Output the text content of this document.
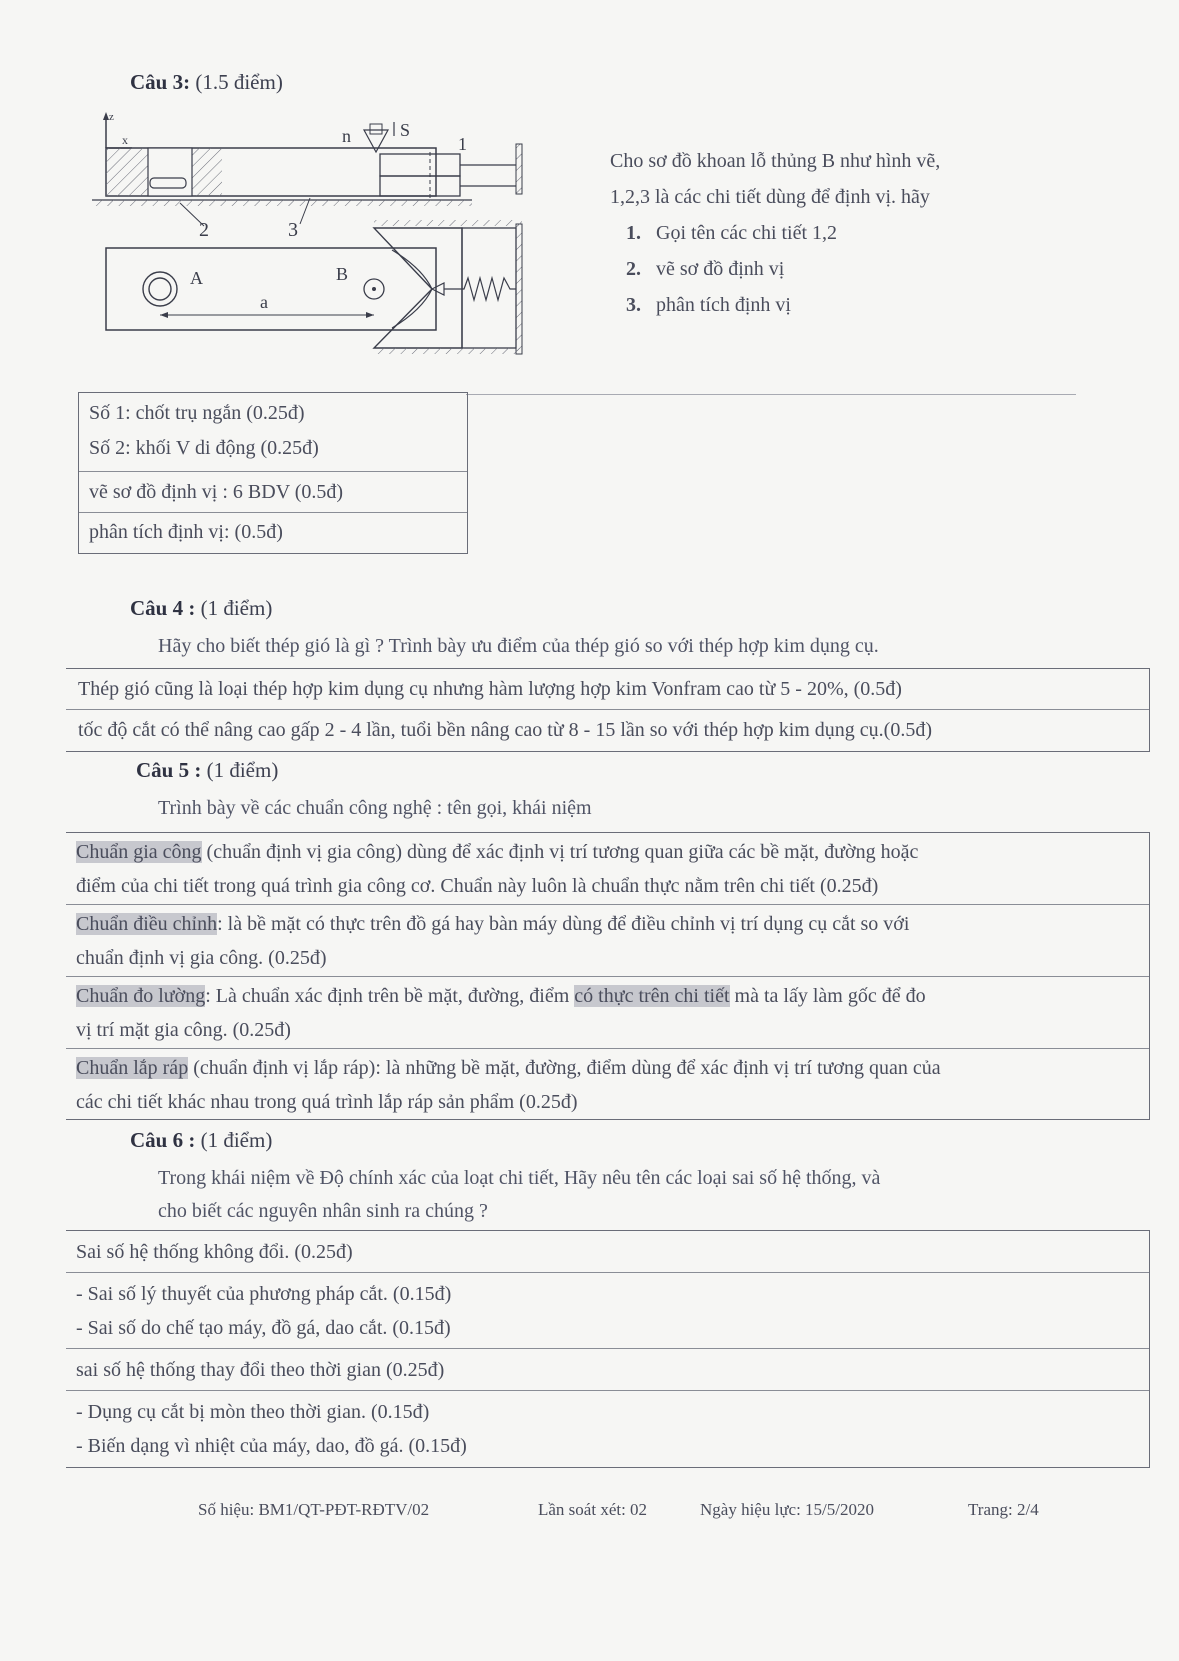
Câu 3: (1.5 điểm)
z
x	n	S
1
2	3
A	B
a
Cho sơ đồ khoan lỗ thủng B như hình vẽ,
1,2,3 là các chi tiết dùng để định vị. hãy
1. Gọi tên các chi tiết 1,2
2. vẽ sơ đồ định vị
3. phân tích định vị
Số 1: chốt trụ ngắn (0.25đ)
Số 2: khối V di động (0.25đ)
vẽ sơ đồ định vị : 6 BDV (0.5đ)
phân tích định vị: (0.5đ)
Câu 4 : (1 điểm)
Hãy cho biết thép gió là gì ? Trình bày ưu điểm của thép gió so với thép hợp kim dụng cụ.
Thép gió cũng là loại thép hợp kim dụng cụ nhưng hàm lượng hợp kim Vonfram cao từ 5 - 20%, (0.5đ)
tốc độ cắt có thể nâng cao gấp 2 - 4 lần, tuổi bền nâng cao từ 8 - 15 lần so với thép hợp kim dụng cụ.(0.5đ)
Câu 5 : (1 điểm)
Trình bày về các chuẩn công nghệ : tên gọi, khái niệm
Chuẩn gia công (chuẩn định vị gia công) dùng để xác định vị trí tương quan giữa các bề mặt, đường hoặc
điểm của chi tiết trong quá trình gia công cơ. Chuẩn này luôn là chuẩn thực nằm trên chi tiết (0.25đ)
Chuẩn điều chỉnh: là bề mặt có thực trên đồ gá hay bàn máy dùng để điều chỉnh vị trí dụng cụ cắt so với
chuẩn định vị gia công. (0.25đ)
Chuẩn đo lường: Là chuẩn xác định trên bề mặt, đường, điểm có thực trên chi tiết mà ta lấy làm gốc để đo
vị trí mặt gia công. (0.25đ)
Chuẩn lắp ráp (chuẩn định vị lắp ráp): là những bề mặt, đường, điểm dùng để xác định vị trí tương quan của
các chi tiết khác nhau trong quá trình lắp ráp sản phẩm (0.25đ)
Câu 6 : (1 điểm)
Trong khái niệm về Độ chính xác của loạt chi tiết, Hãy nêu tên các loại sai số hệ thống, và
cho biết các nguyên nhân sinh ra chúng ?
Sai số hệ thống không đổi. (0.25đ)
- Sai số lý thuyết của phương pháp cắt. (0.15đ)
- Sai số do chế tạo máy, đồ gá, dao cắt. (0.15đ)
sai số hệ thống thay đổi theo thời gian (0.25đ)
- Dụng cụ cắt bị mòn theo thời gian. (0.15đ)
- Biến dạng vì nhiệt của máy, dao, đồ gá. (0.15đ)
Số hiệu: BM1/QT-PĐT-RĐTV/02	Lần soát xét: 02	Ngày hiệu lực: 15/5/2020	Trang: 2/4
